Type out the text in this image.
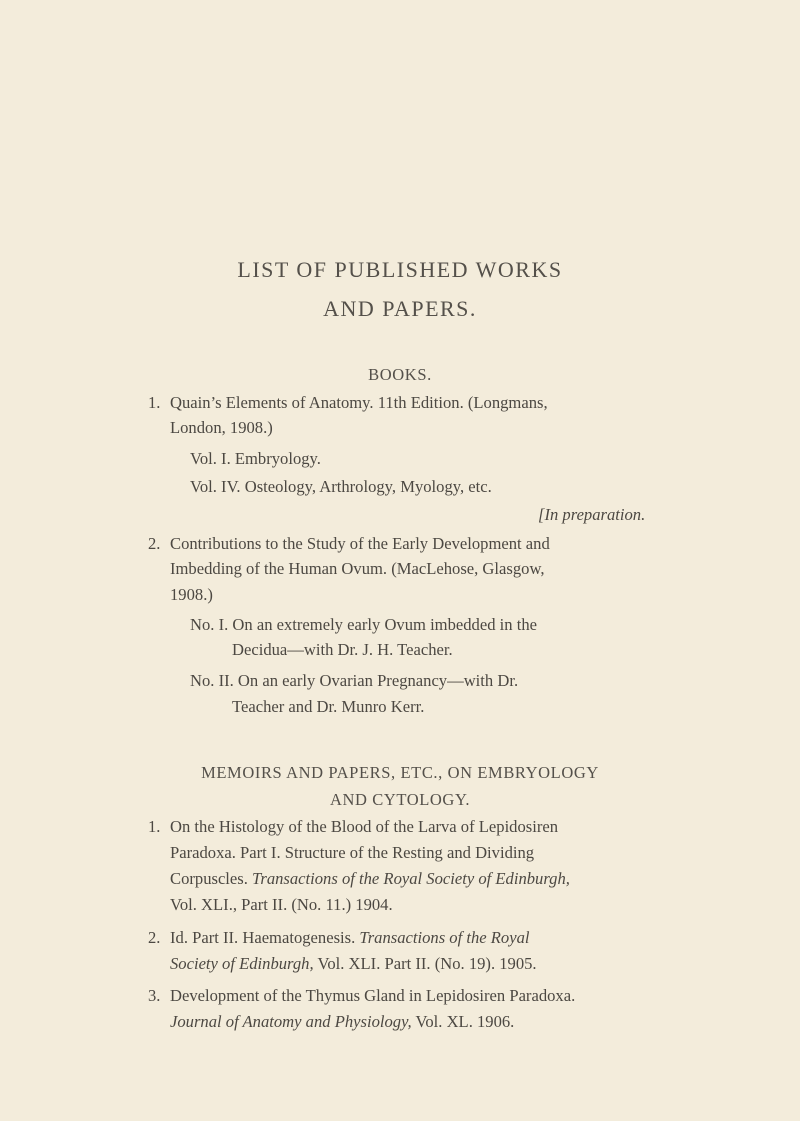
LIST OF PUBLISHED WORKS
AND PAPERS.
BOOKS.
1. Quain’s Elements of Anatomy. 11th Edition. (Longmans,
London, 1908.)
Vol. I. Embryology.
Vol. IV. Osteology, Arthrology, Myology, etc.
[In preparation.
2. Contributions to the Study of the Early Development and
Imbedding of the Human Ovum. (MacLehose, Glasgow,
1908.)
No. I. On an extremely early Ovum imbedded in the
Decidua—with Dr. J. H. Teacher.
No. II. On an early Ovarian Pregnancy—with Dr.
Teacher and Dr. Munro Kerr.
MEMOIRS AND PAPERS, ETC., ON EMBRYOLOGY
AND CYTOLOGY.
1. On the Histology of the Blood of the Larva of Lepidosiren
Paradoxa. Part I. Structure of the Resting and Dividing
Corpuscles. Transactions of the Royal Society of Edinburgh,
Vol. XLI., Part II. (No. 11.) 1904.
2. Id. Part II. Haematogenesis. Transactions of the Royal
Society of Edinburgh, Vol. XLI. Part II. (No. 19). 1905.
3. Development of the Thymus Gland in Lepidosiren Paradoxa.
Journal of Anatomy and Physiology, Vol. XL. 1906.
